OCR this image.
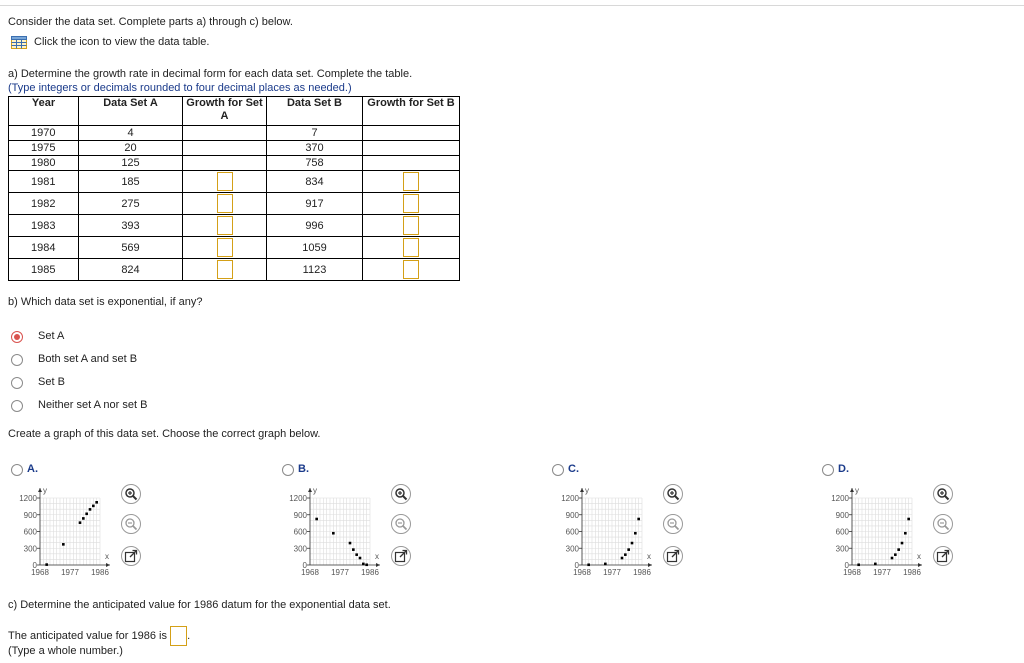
Consider the data set. Complete parts a) through c) below.
Click the icon to view the data table.
a) Determine the growth rate in decimal form for each data set. Complete the table.
(Type integers or decimals rounded to four decimal places as needed.)
Year	Data Set A	Growth for Set A	Data Set B	Growth for Set B
1970	4		7	
1975	20		370	
1980	125		758	
1981	185		834	
1982	275		917	
1983	393		996	
1984	569		1059	
1985	824		1123	
b) Which data set is exponential, if any?
Set A
Both set A and set B
Set B
Neither set A nor set B
Create a graph of this data set. Choose the correct graph below.
A.	B.	C.	D.
x
y
0
300
600
900
1200
1968 1977 1986
x
y
0
300
600
900
1200
1968 1977 1986
x
y
0
300
600
900
1200
1968 1977 1986
x
y
0
300
600
900
1200
1968 1977 1986
c) Determine the anticipated value for 1986 datum for the exponential data set.
The anticipated value for 1986 is .
(Type a whole number.)
